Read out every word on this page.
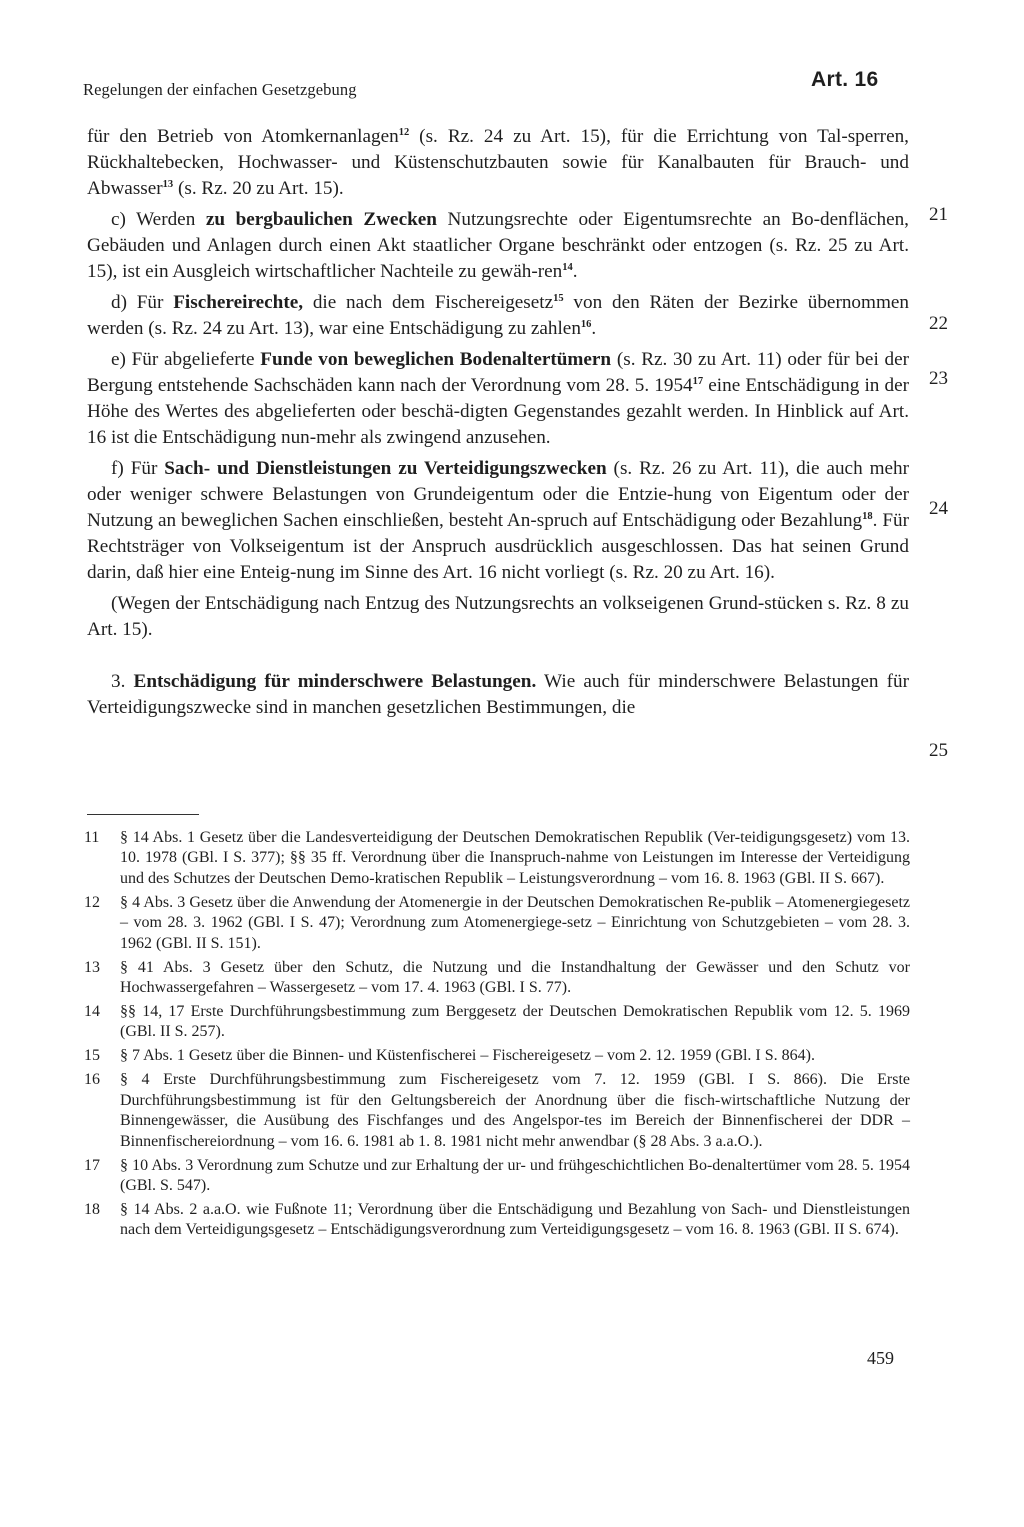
Regelungen der einfachen Gesetzgebung	Art. 16

für den Betrieb von Atomkernanlagen$^{12}$ (s. Rz. 24 zu Art. 15), für die Errichtung von Tal-sperren, Rückhaltebecken, Hochwasser- und Küstenschutzbauten sowie für Kanalbauten für Brauch- und Abwasser$^{13}$ (s. Rz. 20 zu Art. 15).

c) Werden zu bergbaulichen Zwecken Nutzungsrechte oder Eigentumsrechte an Bo-denflächen, Gebäuden und Anlagen durch einen Akt staatlicher Organe beschränkt oder entzogen (s. Rz. 25 zu Art. 15), ist ein Ausgleich wirtschaftlicher Nachteile zu gewäh-ren$^{14}$.

d) Für Fischereirechte, die nach dem Fischereigesetz$^{15}$ von den Räten der Bezirke übernommen werden (s. Rz. 24 zu Art. 13), war eine Entschädigung zu zahlen$^{16}$.

e) Für abgelieferte Funde von beweglichen Bodenaltertümern (s. Rz. 30 zu Art. 11) oder für bei der Bergung entstehende Sachschäden kann nach der Verordnung vom 28. 5. 1954$^{17}$ eine Entschädigung in der Höhe des Wertes des abgelieferten oder beschä-digten Gegenstandes gezahlt werden. In Hinblick auf Art. 16 ist die Entschädigung nun-mehr als zwingend anzusehen.

f) Für Sach- und Dienstleistungen zu Verteidigungszwecken (s. Rz. 26 zu Art. 11), die auch mehr oder weniger schwere Belastungen von Grundeigentum oder die Entzie-hung von Eigentum oder der Nutzung an beweglichen Sachen einschließen, besteht An-spruch auf Entschädigung oder Bezahlung$^{18}$. Für Rechtsträger von Volkseigentum ist der Anspruch ausdrücklich ausgeschlossen. Das hat seinen Grund darin, daß hier eine Enteig-nung im Sinne des Art. 16 nicht vorliegt (s. Rz. 20 zu Art. 16).

(Wegen der Entschädigung nach Entzug des Nutzungsrechts an volkseigenen Grund-stücken s. Rz. 8 zu Art. 15).

3. Entschädigung für minderschwere Belastungen. Wie auch für minderschwere Belastungen für Verteidigungszwecke sind in manchen gesetzlichen Bestimmungen, die

21
22
23
24
25
11 § 14 Abs. 1 Gesetz über die Landesverteidigung der Deutschen Demokratischen Republik (Ver-teidigungsgesetz) vom 13. 10. 1978 (GBl. I S. 377); §§ 35 ff. Verordnung über die Inanspruch-nahme von Leistungen im Interesse der Verteidigung und des Schutzes der Deutschen Demo-kratischen Republik – Leistungsverordnung – vom 16. 8. 1963 (GBl. II S. 667).
12 § 4 Abs. 3 Gesetz über die Anwendung der Atomenergie in der Deutschen Demokratischen Re-publik – Atomenergiegesetz – vom 28. 3. 1962 (GBl. I S. 47); Verordnung zum Atomenergiege-setz – Einrichtung von Schutzgebieten – vom 28. 3. 1962 (GBl. II S. 151).
13 § 41 Abs. 3 Gesetz über den Schutz, die Nutzung und die Instandhaltung der Gewässer und den Schutz vor Hochwassergefahren – Wassergesetz – vom 17. 4. 1963 (GBl. I S. 77).
14 §§ 14, 17 Erste Durchführungsbestimmung zum Berggesetz der Deutschen Demokratischen Republik vom 12. 5. 1969 (GBl. II S. 257).
15 § 7 Abs. 1 Gesetz über die Binnen- und Küstenfischerei – Fischereigesetz – vom 2. 12. 1959 (GBl. I S. 864).
16 § 4 Erste Durchführungsbestimmung zum Fischereigesetz vom 7. 12. 1959 (GBl. I S. 866). Die Erste Durchführungsbestimmung ist für den Geltungsbereich der Anordnung über die fisch-wirtschaftliche Nutzung der Binnengewässer, die Ausübung des Fischfanges und des Angelspor-tes im Bereich der Binnenfischerei der DDR – Binnenfischereiordnung – vom 16. 6. 1981 ab 1. 8. 1981 nicht mehr anwendbar (§ 28 Abs. 3 a.a.O.).
17 § 10 Abs. 3 Verordnung zum Schutze und zur Erhaltung der ur- und frühgeschichtlichen Bo-denaltertümer vom 28. 5. 1954 (GBl. S. 547).
18 § 14 Abs. 2 a.a.O. wie Fußnote 11; Verordnung über die Entschädigung und Bezahlung von Sach- und Dienstleistungen nach dem Verteidigungsgesetz – Entschädigungsverordnung zum Verteidigungsgesetz – vom 16. 8. 1963 (GBl. II S. 674).
459
